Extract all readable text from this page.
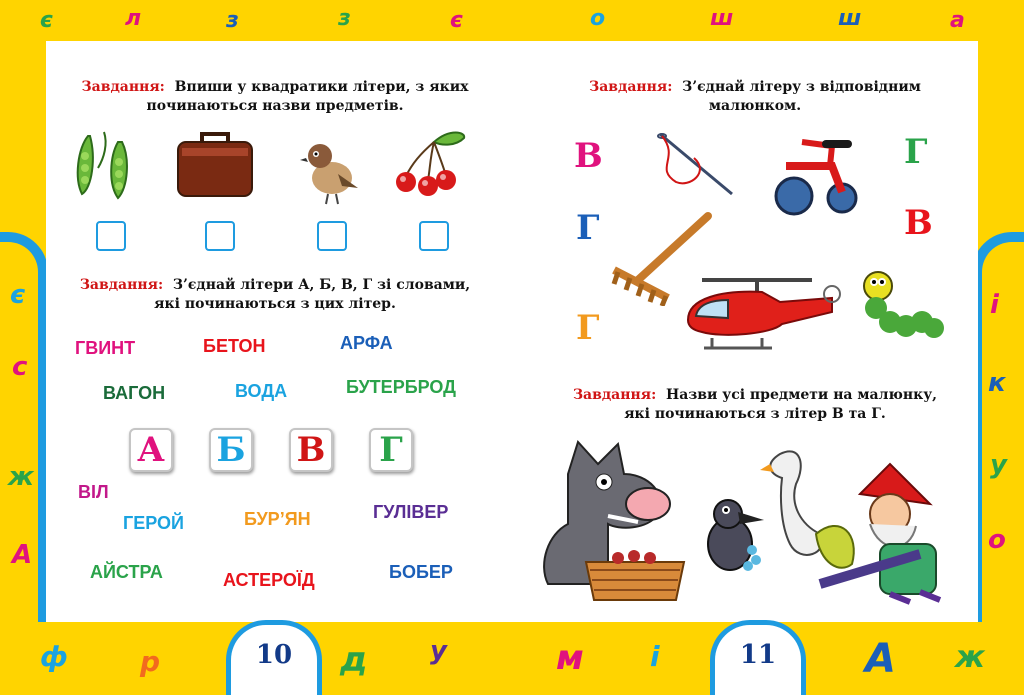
є	л	з	з	є	о	ш	ш	а
є
с
ж
А
ф	р	д у	м і	А ж
і
к
у
о
Завдання: Впиши у квадратики літери, з яких
починаються назви предметів.
Завдання: З’єднай літери А, Б, В, Г зі словами,
які починаються з цих літер.
ГВИНТ	БЕТОН	АРФА
ВАГОН	ВОДА	БУТЕРБРОД
А Б В	Г
ВІЛ
ГЕРОЙ	БУР’ЯН	ГУЛІВЕР
АЙСТРА	АСТЕРОЇД	БОБЕР
10
Завдання: З’єднай літеру з відповідним
малюнком.
В	Г
Г	В
Г
Завдання: Назви усі предмети на малюнку,
які починаються з літер В та Г.
11
